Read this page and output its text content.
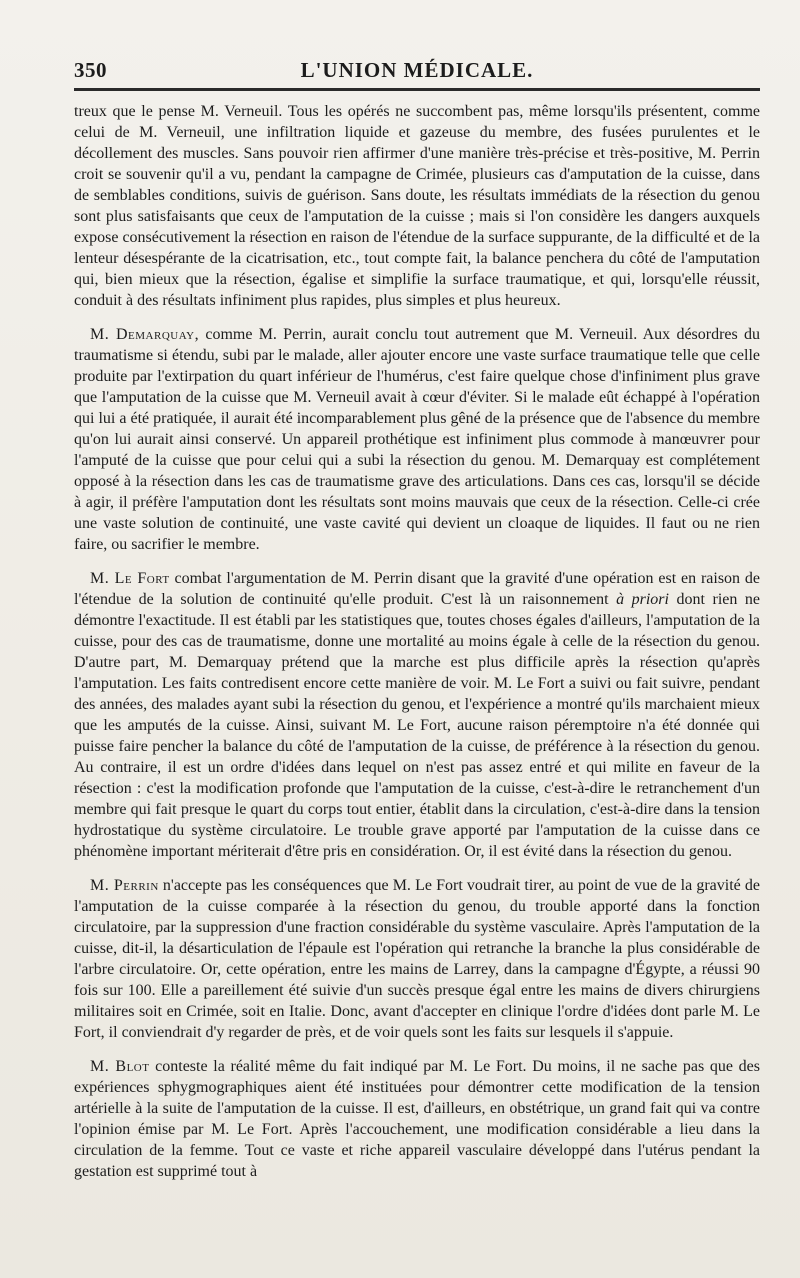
350	L'UNION MÉDICALE.

treux que le pense M. Verneuil. Tous les opérés ne succombent pas, même lorsqu'ils présentent, comme celui de M. Verneuil, une infiltration liquide et gazeuse du membre, des fusées purulentes et le décollement des muscles. Sans pouvoir rien affirmer d'une manière très-précise et très-positive, M. Perrin croit se souvenir qu'il a vu, pendant la campagne de Crimée, plusieurs cas d'amputation de la cuisse, dans de semblables conditions, suivis de guérison. Sans doute, les résultats immédiats de la résection du genou sont plus satisfaisants que ceux de l'amputation de la cuisse ; mais si l'on considère les dangers auxquels expose consécutivement la résection en raison de l'étendue de la surface suppurante, de la difficulté et de la lenteur désespérante de la cicatrisation, etc., tout compte fait, la balance penchera du côté de l'amputation qui, bien mieux que la résection, égalise et simplifie la surface traumatique, et qui, lorsqu'elle réussit, conduit à des résultats infiniment plus rapides, plus simples et plus heureux.

M. Demarquay, comme M. Perrin, aurait conclu tout autrement que M. Verneuil. Aux désordres du traumatisme si étendu, subi par le malade, aller ajouter encore une vaste surface traumatique telle que celle produite par l'extirpation du quart inférieur de l'humérus, c'est faire quelque chose d'infiniment plus grave que l'amputation de la cuisse que M. Verneuil avait à cœur d'éviter. Si le malade eût échappé à l'opération qui lui a été pratiquée, il aurait été incomparablement plus gêné de la présence que de l'absence du membre qu'on lui aurait ainsi conservé. Un appareil prothétique est infiniment plus commode à manœuvrer pour l'amputé de la cuisse que pour celui qui a subi la résection du genou. M. Demarquay est complétement opposé à la résection dans les cas de traumatisme grave des articulations. Dans ces cas, lorsqu'il se décide à agir, il préfère l'amputation dont les résultats sont moins mauvais que ceux de la résection. Celle-ci crée une vaste solution de continuité, une vaste cavité qui devient un cloaque de liquides. Il faut ou ne rien faire, ou sacrifier le membre.

M. Le Fort combat l'argumentation de M. Perrin disant que la gravité d'une opération est en raison de l'étendue de la solution de continuité qu'elle produit. C'est là un raisonnement à priori dont rien ne démontre l'exactitude. Il est établi par les statistiques que, toutes choses égales d'ailleurs, l'amputation de la cuisse, pour des cas de traumatisme, donne une mortalité au moins égale à celle de la résection du genou. D'autre part, M. Demarquay prétend que la marche est plus difficile après la résection qu'après l'amputation. Les faits contredisent encore cette manière de voir. M. Le Fort a suivi ou fait suivre, pendant des années, des malades ayant subi la résection du genou, et l'expérience a montré qu'ils marchaient mieux que les amputés de la cuisse. Ainsi, suivant M. Le Fort, aucune raison péremptoire n'a été donnée qui puisse faire pencher la balance du côté de l'amputation de la cuisse, de préférence à la résection du genou. Au contraire, il est un ordre d'idées dans lequel on n'est pas assez entré et qui milite en faveur de la résection : c'est la modification profonde que l'amputation de la cuisse, c'est-à-dire le retranchement d'un membre qui fait presque le quart du corps tout entier, établit dans la circulation, c'est-à-dire dans la tension hydrostatique du système circulatoire. Le trouble grave apporté par l'amputation de la cuisse dans ce phénomène important mériterait d'être pris en considération. Or, il est évité dans la résection du genou.

M. Perrin n'accepte pas les conséquences que M. Le Fort voudrait tirer, au point de vue de la gravité de l'amputation de la cuisse comparée à la résection du genou, du trouble apporté dans la fonction circulatoire, par la suppression d'une fraction considérable du système vasculaire. Après l'amputation de la cuisse, dit-il, la désarticulation de l'épaule est l'opération qui retranche la branche la plus considérable de l'arbre circulatoire. Or, cette opération, entre les mains de Larrey, dans la campagne d'Égypte, a réussi 90 fois sur 100. Elle a pareillement été suivie d'un succès presque égal entre les mains de divers chirurgiens militaires soit en Crimée, soit en Italie. Donc, avant d'accepter en clinique l'ordre d'idées dont parle M. Le Fort, il conviendrait d'y regarder de près, et de voir quels sont les faits sur lesquels il s'appuie.

M. Blot conteste la réalité même du fait indiqué par M. Le Fort. Du moins, il ne sache pas que des expériences sphygmographiques aient été instituées pour démontrer cette modification de la tension artérielle à la suite de l'amputation de la cuisse. Il est, d'ailleurs, en obstétrique, un grand fait qui va contre l'opinion émise par M. Le Fort. Après l'accouchement, une modification considérable a lieu dans la circulation de la femme. Tout ce vaste et riche appareil vasculaire développé dans l'utérus pendant la gestation est supprimé tout à
